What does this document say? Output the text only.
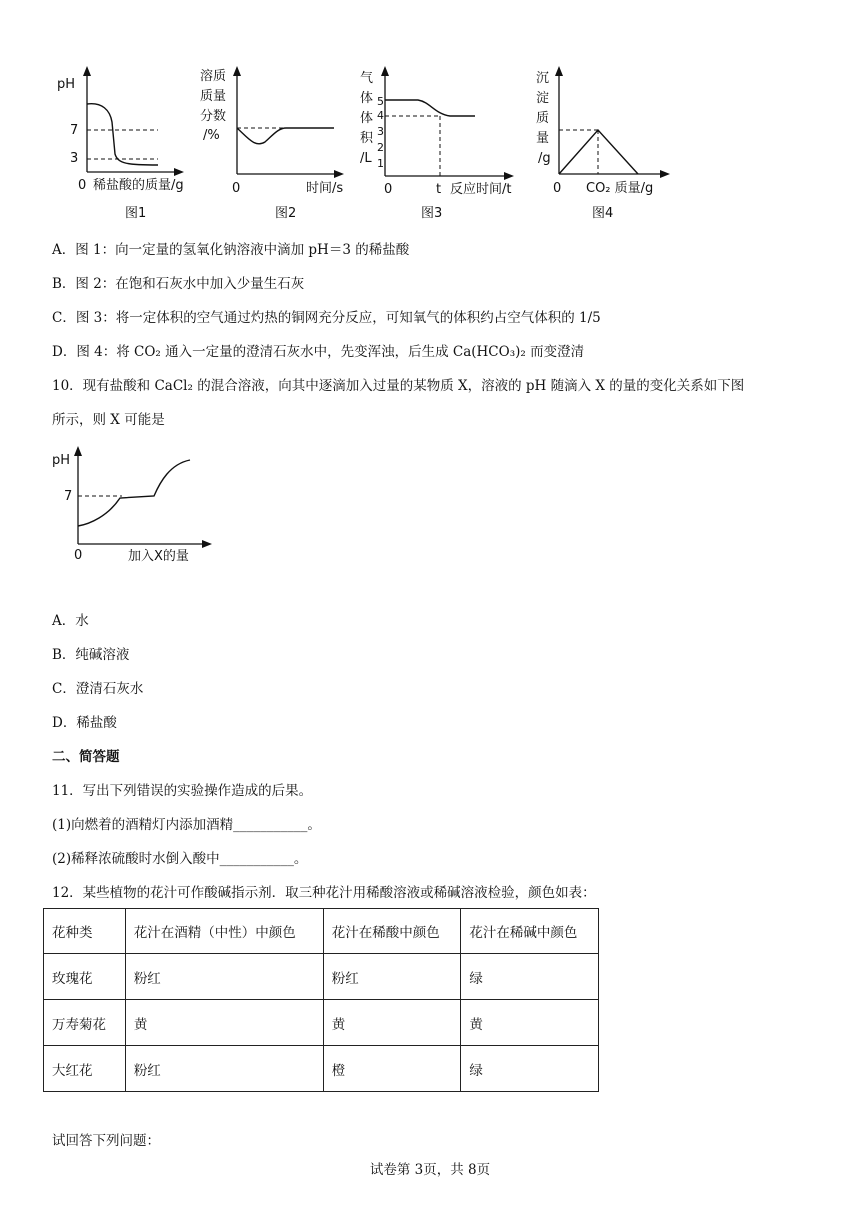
pH
7
3
0 稀盐酸的质量/g
图1
溶质
质量
分数
/%
0	时间/s
图2
气
体
体
积
/L
5
4
3
2
1
0	t 反应时间/t
图3
沉
淀
质
量
/g
0 CO₂ 质量/g
图4
A．图 1：向一定量的氢氧化钠溶液中滴加 pH＝3 的稀盐酸
B．图 2：在饱和石灰水中加入少量生石灰
C．图 3：将一定体积的空气通过灼热的铜网充分反应，可知氧气的体积约占空气体积的 1/5
D．图 4：将 CO₂ 通入一定量的澄清石灰水中，先变浑浊，后生成 Ca(HCO₃)₂ 而变澄清
10．现有盐酸和 CaCl₂ 的混合溶液，向其中逐滴加入过量的某物质 X，溶液的 pH 随滴入 X 的量的变化关系如下图
所示，则 X 可能是
pH
7
0	加入X的量
A．水
B．纯碱溶液
C．澄清石灰水
D．稀盐酸
二、简答题
11．写出下列错误的实验操作造成的后果。
(1)向燃着的酒精灯内添加酒精___________。
(2)稀释浓硫酸时水倒入酸中___________。
12．某些植物的花汁可作酸碱指示剂．取三种花汁用稀酸溶液或稀碱溶液检验，颜色如表：
花种类	花汁在酒精（中性）中颜色	花汁在稀酸中颜色	花汁在稀碱中颜色
玫瑰花	粉红	粉红	绿
万寿菊花	黄	黄	黄
大红花	粉红	橙	绿
试回答下列问题：
试卷第 3页，共 8页
